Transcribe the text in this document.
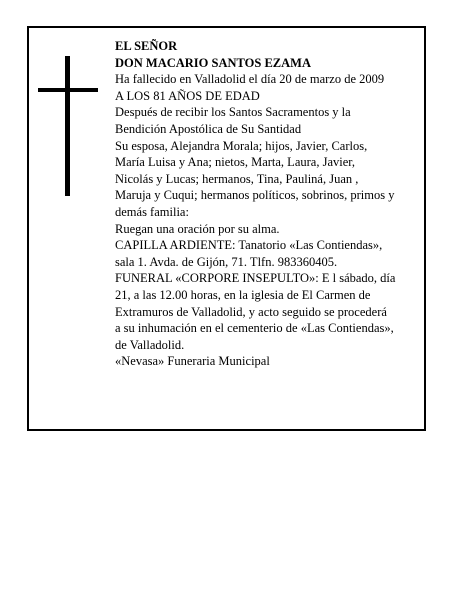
EL SEÑOR
DON MACARIO SANTOS EZAMA
Ha fallecido en Valladolid el día 20 de marzo de 2009
A LOS 81 AÑOS DE EDAD
Después de recibir los Santos Sacramentos y la
Bendición Apostólica de Su Santidad
Su esposa, Alejandra Morala; hijos, Javier, Carlos,
María Luisa y Ana; nietos, Marta, Laura, Javier,
Nicolás y Lucas; hermanos, Tina, Pauliná, Juan ,
Maruja y Cuqui; hermanos políticos, sobrinos, primos y
demás familia:
Ruegan una oración por su alma.
CAPILLA ARDIENTE: Tanatorio «Las Contiendas»,
sala 1. Avda. de Gijón, 71. Tlfn. 983360405.
FUNERAL «CORPORE INSEPULTO»: E l sábado, día
21, a las 12.00 horas, en la iglesia de El Carmen de
Extramuros de Valladolid, y acto seguido se procederá
a su inhumación en el cementerio de «Las Contiendas»,
de Valladolid.
«Nevasa» Funeraria Municipal
